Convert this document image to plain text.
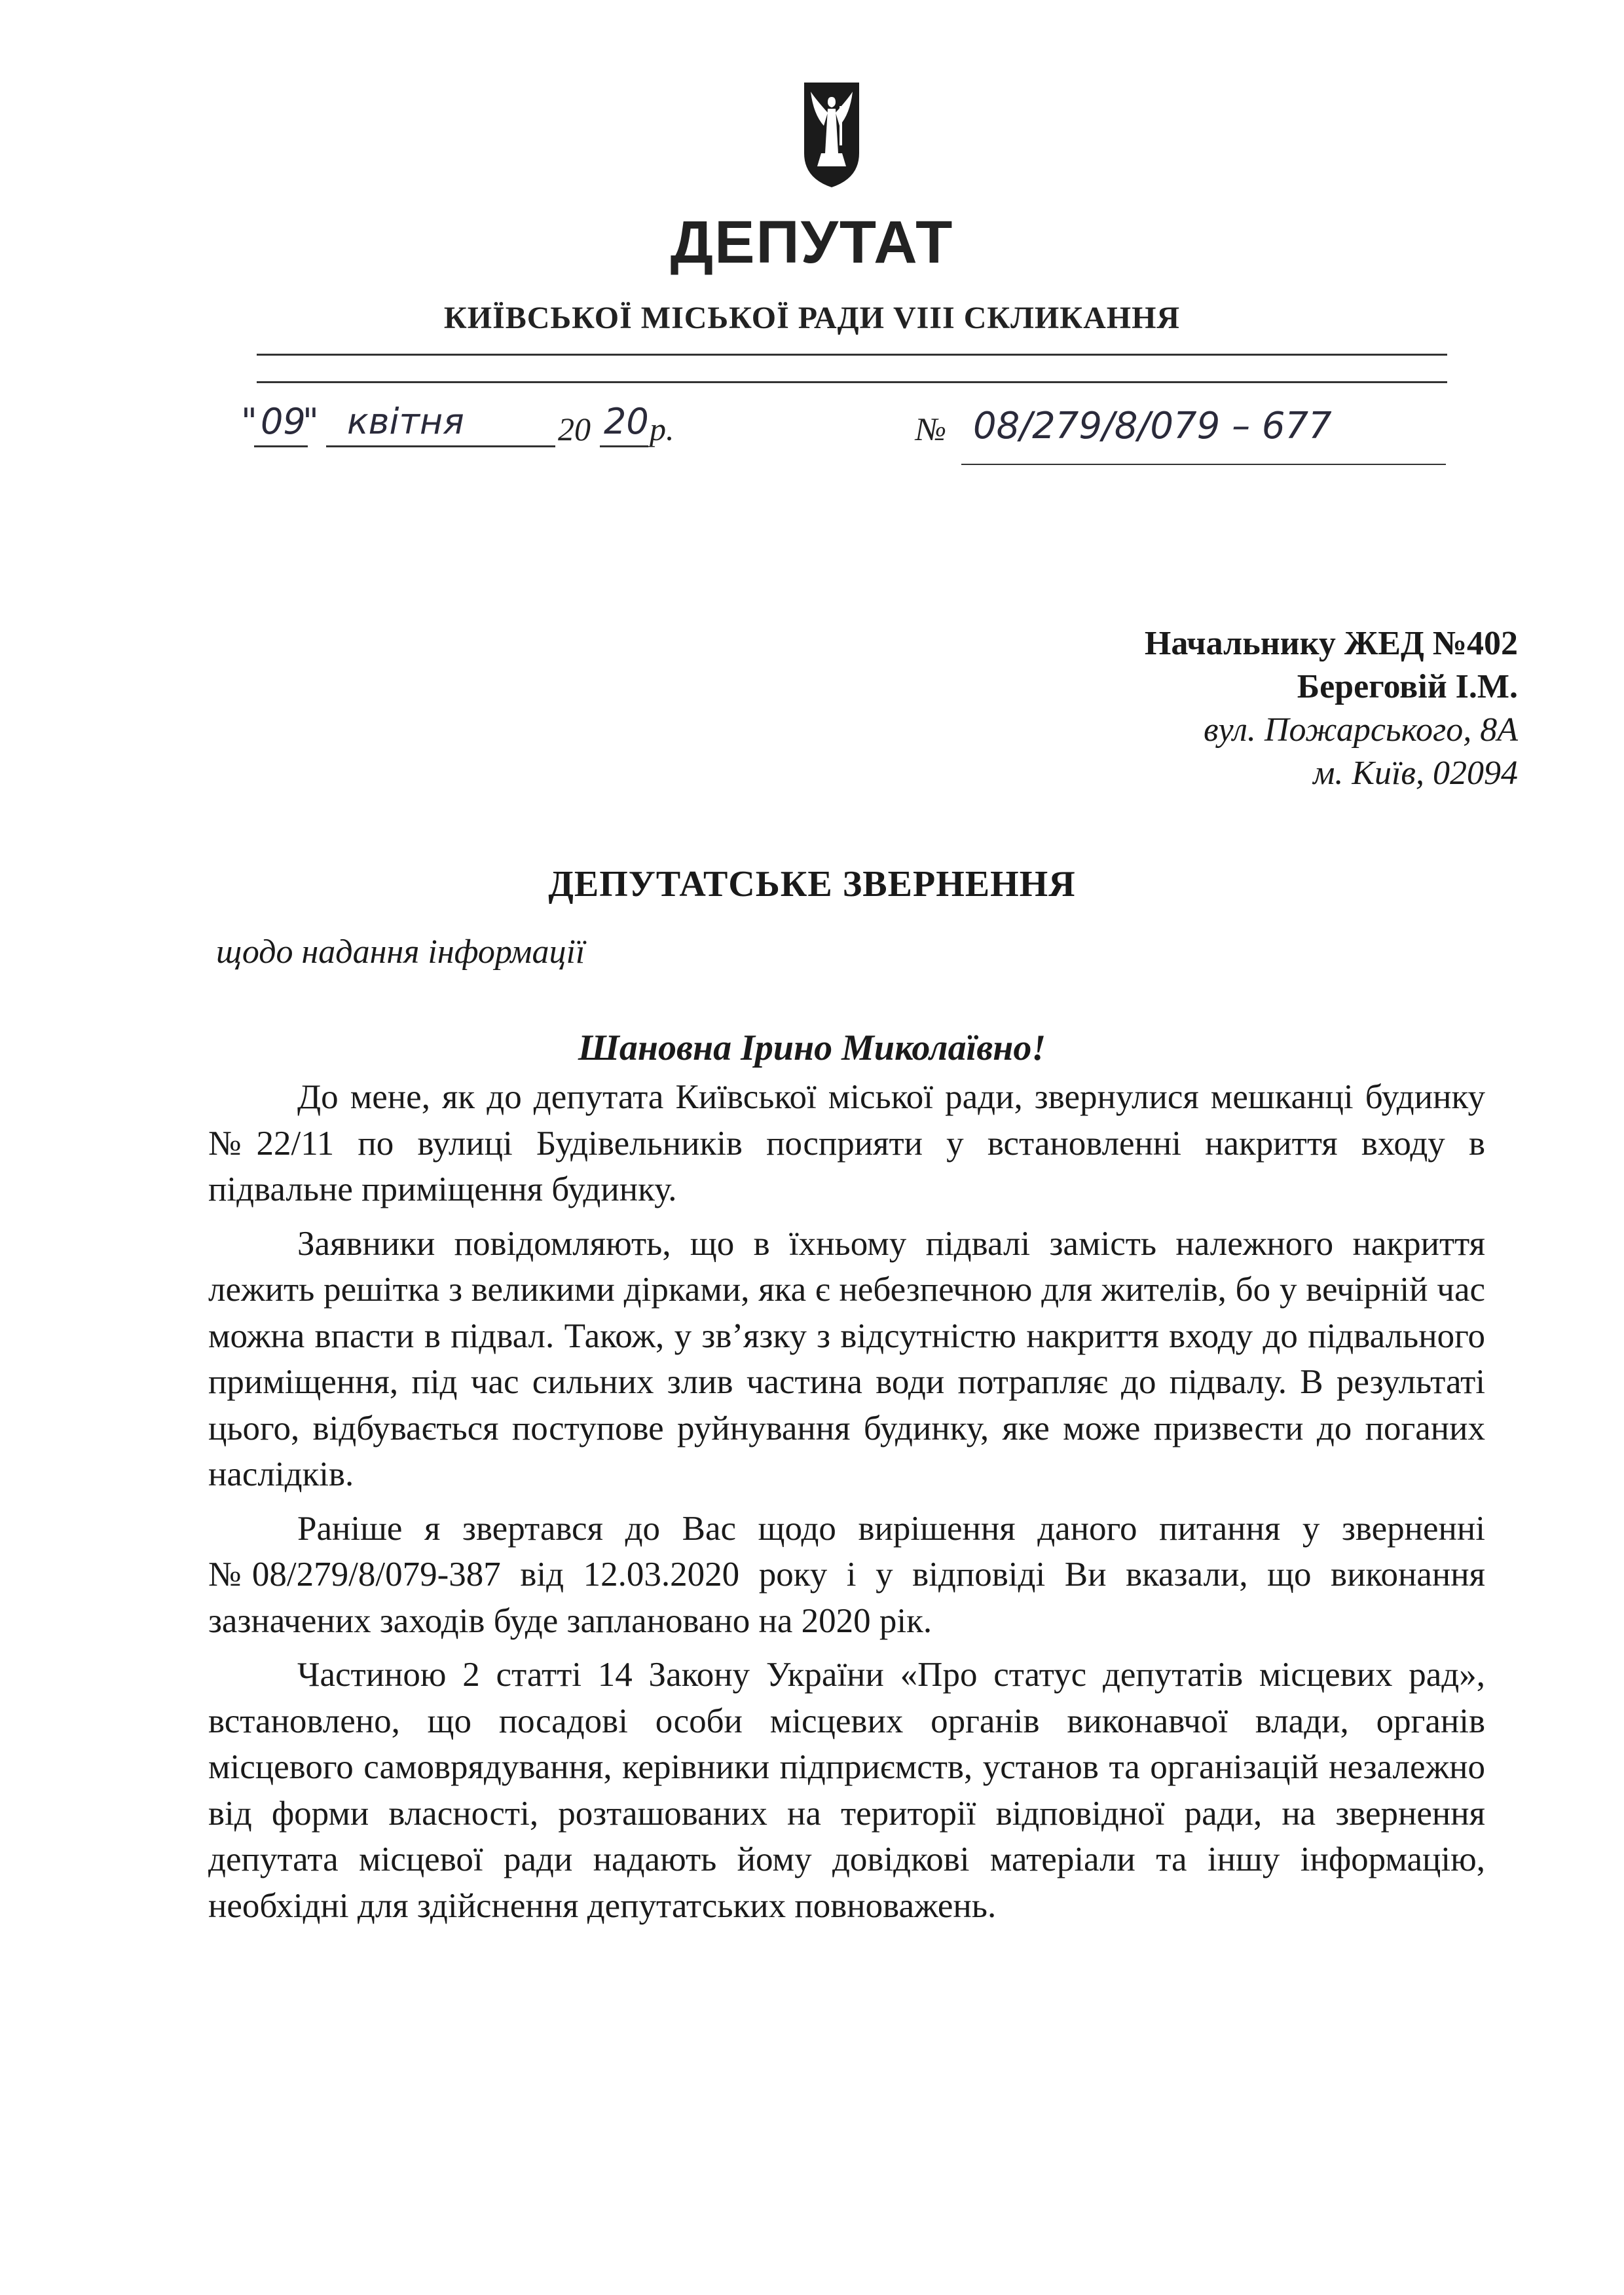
ДЕПУТАТ
КИЇВСЬКОЇ МІСЬКОЇ РАДИ VIII СКЛИКАННЯ
" 09
" квітня	20 20 р.	№ 08/279/8/079 – 677
Начальнику ЖЕД №402
Береговій І.М.
вул. Пожарського, 8А
м. Київ, 02094
ДЕПУТАТСЬКЕ ЗВЕРНЕННЯ
щодо надання інформації
Шановна Ірино Миколаївно!

До мене, як до депутата Київської міської ради, звернулися мешканці будинку №22/11 по вулиці Будівельників посприяти у встановленні накриття входу в підвальне приміщення будинку.

Заявники повідомляють, що в їхньому підвалі замість належного накриття лежить решітка з великими дірками, яка є небезпечною для жителів, бо у вечірній час можна впасти в підвал. Також, у зв’язку з відсутністю накриття входу до підвального приміщення, під час сильних злив частина води потрапляє до підвалу. В результаті цього, відбувається поступове руйнування будинку, яке може призвести до поганих наслідків.

Раніше я звертався до Вас щодо вирішення даного питання у зверненні №08/279/8/079-387 від 12.03.2020 року і у відповіді Ви вказали, що виконання зазначених заходів буде заплановано на 2020 рік.

Частиною 2 статті 14 Закону України «Про статус депутатів місцевих рад», встановлено, що посадові особи місцевих органів виконавчої влади, органів місцевого самоврядування, керівники підприємств, установ та організацій незалежно від форми власності, розташованих на території відповідної ради, на звернення депутата місцевої ради надають йому довідкові матеріали та іншу інформацію, необхідні для здійснення депутатських повноважень.
